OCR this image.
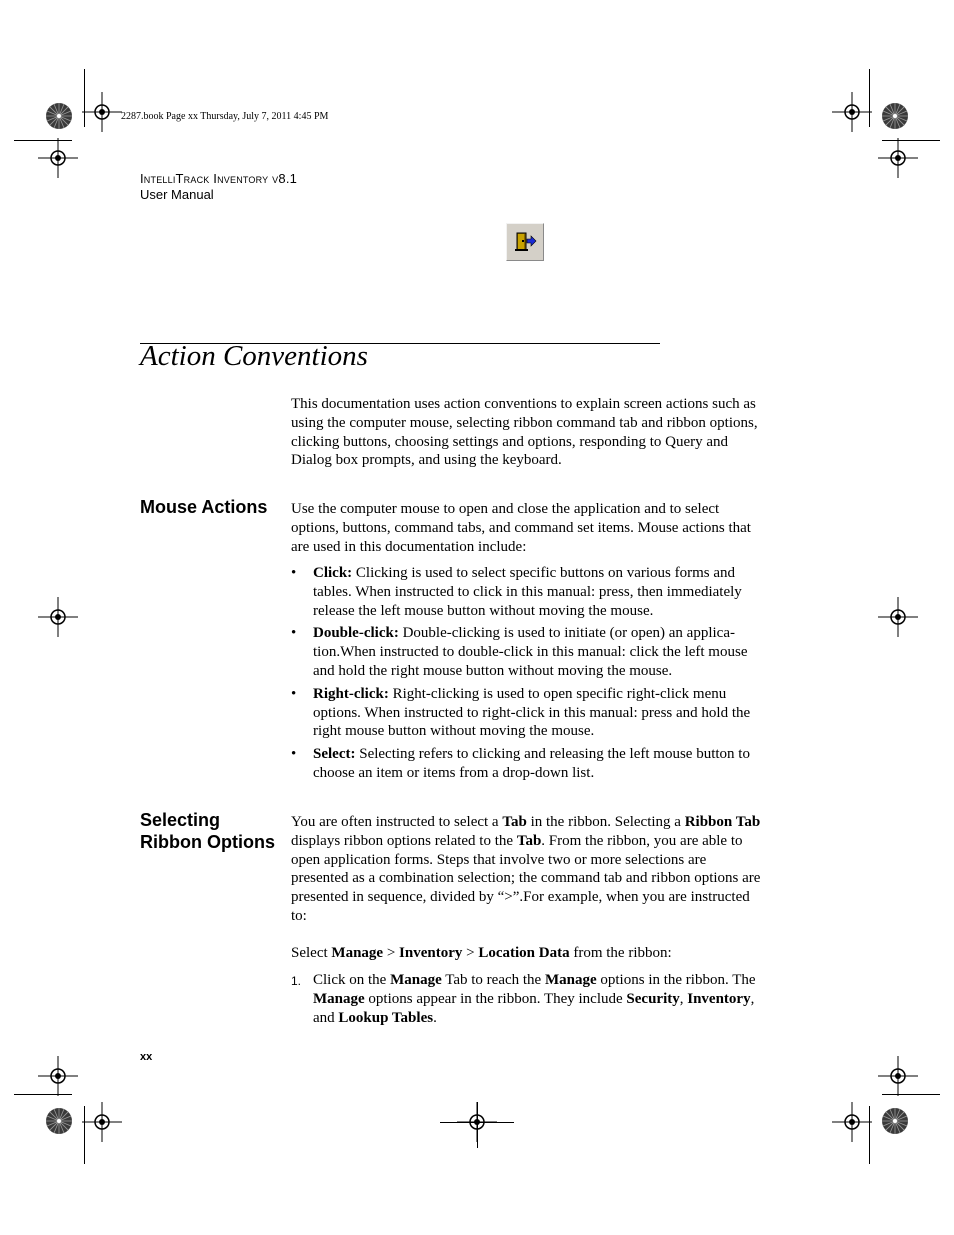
2287.book Page xx Thursday, July 7, 2011 4:45 PM
IntelliTrack Inventory v8.1
User Manual
Action Conventions

This documentation uses action conventions to explain screen actions such as using the computer mouse, selecting ribbon command tab and ribbon options, clicking buttons, choosing settings and options, responding to Query and Dialog box prompts, and using the keyboard.

Mouse Actions	Use the computer mouse to open and close the application and to select options, buttons, command tabs, and command set items. Mouse actions that are used in this documentation include:

• Click: Clicking is used to select specific buttons on various forms and tables. When instructed to click in this manual: press, then immediately release the left mouse button without moving the mouse.
• Double-click: Double-clicking is used to initiate (or open) an applica-tion.When instructed to double-click in this manual: click the left mouse and hold the right mouse button without moving the mouse.
• Right-click: Right-clicking is used to open specific right-click menu options. When instructed to right-click in this manual: press and hold the right mouse button without moving the mouse.
• Select: Selecting refers to clicking and releasing the left mouse button to choose an item or items from a drop-down list.
Selecting Ribbon Options

You are often instructed to select a Tab in the ribbon. Selecting a Ribbon Tab displays ribbon options related to the Tab. From the ribbon, you are able to open application forms. Steps that involve two or more selections are presented as a combination selection; the command tab and ribbon options are presented in sequence, divided by “>”.For example, when you are instructed to:

Select Manage > Inventory > Location Data from the ribbon:

1. Click on the Manage Tab to reach the Manage options in the ribbon. The Manage options appear in the ribbon. They include Security, Inventory, and Lookup Tables.
xx
